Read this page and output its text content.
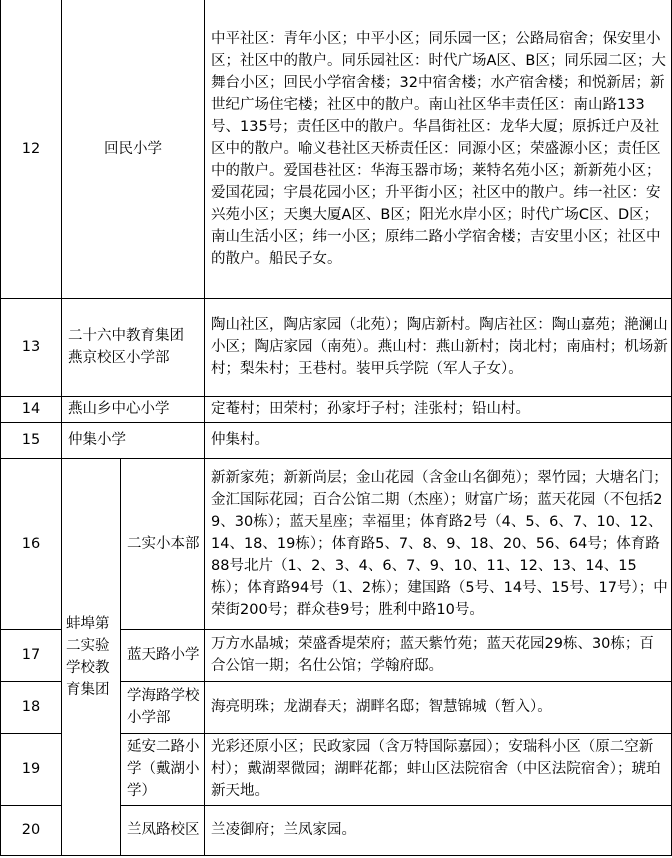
12	回民小学		中平社区：青年小区；中平小区；同乐园一区；公路局宿舍；保安里小区；社区中的散户。同乐园社区：时代广场A区、B区；同乐园二区；大舞台小区；回民小学宿舍楼；32中宿舍楼；水产宿舍楼；和悦新居；新世纪广场住宅楼；社区中的散户。南山社区华丰责任区：南山路133号、135号；责任区中的散户。华昌街社区：龙华大厦；原拆迁户及社区中的散户。喻义巷社区天桥责任区：同源小区；荣盛源小区；责任区中的散户。爱国巷社区：华海玉器市场；莱特名苑小区；新新苑小区；爱国花园；宇晨花园小区；升平街小区；社区中的散户。纬一社区：安兴苑小区；天奥大厦A区、B区；阳光水岸小区；时代广场C区、D区；南山生活小区；纬一小区；原纬二路小学宿舍楼；吉安里小区；社区中的散户。船民子女。
13	二十六中教育集团燕京校区小学部		陶山社区，陶店家园（北苑）；陶店新村。陶店社区：陶山嘉苑；滟澜山小区；陶店家园（南苑）。燕山村：燕山新村；岗北村；南庙村；机场新村；梨朱村；王巷村。装甲兵学院（军人子女）。
14	燕山乡中心小学		定菴村；田荣村；孙家圩子村；洼张村；铅山村。
15	仲集小学		仲集村。
16	蚌埠第二实验学校教育集团	二实小本部	新新家苑；新新尚层；金山花园（含金山名御苑）；翠竹园；大塘名门；金汇国际花园；百合公馆二期（杰座）；财富广场；蓝天花园（不包括29、30栋）；蓝天星座；幸福里；体育路2号（4、5、6、7、10、12、14、18、19栋）；体育路5、7、8、9、18、20、56、64号；体育路88号北片（1、2、3、4、6、7、9、10、11、12、13、14、15栋）；体育路94号（1、2栋）；建国路（5号、14号、15号、17号）；中荣街200号；群众巷9号；胜利中路10号。
17		蓝天路小学	万方水晶城；荣盛香堤荣府；蓝天紫竹苑；蓝天花园29栋、30栋；百合公馆一期；名仕公馆；学翰府邸。
18		学海路学校小学部	海亮明珠；龙湖春天；湖畔名邸；智慧锦城（暂入）。
19		延安二路小学（戴湖小学）	光彩还原小区；民政家园（含万特国际嘉园）；安瑞科小区（原二空新村）；戴湖翠微园；湖畔花都；蚌山区法院宿舍（中区法院宿舍）；琥珀新天地。
20		兰凤路校区	兰凌御府；兰凤家园。
